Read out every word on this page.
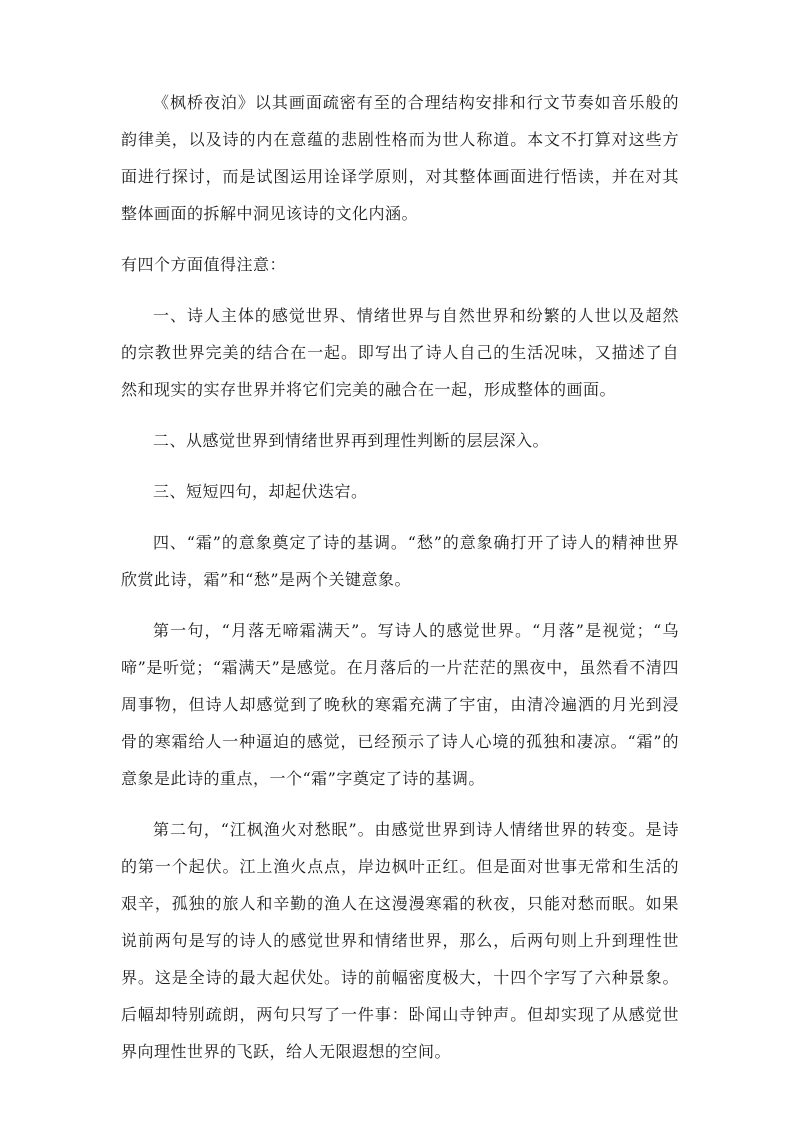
《枫桥夜泊》以其画面疏密有至的合理结构安排和行文节奏如音乐般的韵律美，以及诗的内在意蕴的悲剧性格而为世人称道。本文不打算对这些方面进行探讨，而是试图运用诠译学原则，对其整体画面进行悟读，并在对其整体画面的拆解中洞见该诗的文化内涵。

有四个方面值得注意：

一、诗人主体的感觉世界、情绪世界与自然世界和纷繁的人世以及超然的宗教世界完美的结合在一起。即写出了诗人自己的生活况味，又描述了自然和现实的实存世界并将它们完美的融合在一起，形成整体的画面。

二、从感觉世界到情绪世界再到理性判断的层层深入。

三、短短四句，却起伏迭宕。

四、“霜”的意象奠定了诗的基调。“愁”的意象确打开了诗人的精神世界欣赏此诗，霜”和“愁”是两个关键意象。

第一句，“月落无啼霜满天”。写诗人的感觉世界。“月落”是视觉；“乌啼”是听觉；“霜满天”是感觉。在月落后的一片茫茫的黑夜中，虽然看不清四周事物，但诗人却感觉到了晚秋的寒霜充满了宇宙，由清冷遍洒的月光到浸骨的寒霜给人一种逼迫的感觉，已经预示了诗人心境的孤独和凄凉。“霜”的意象是此诗的重点，一个“霜”字奠定了诗的基调。

第二句，“江枫渔火对愁眠”。由感觉世界到诗人情绪世界的转变。是诗的第一个起伏。江上渔火点点，岸边枫叶正红。但是面对世事无常和生活的艰辛，孤独的旅人和辛勤的渔人在这漫漫寒霜的秋夜，只能对愁而眠。如果说前两句是写的诗人的感觉世界和情绪世界，那么，后两句则上升到理性世界。这是全诗的最大起伏处。诗的前幅密度极大，十四个字写了六种景象。后幅却特别疏朗，两句只写了一件事：卧闻山寺钟声。但却实现了从感觉世界向理性世界的飞跃，给人无限遐想的空间。
